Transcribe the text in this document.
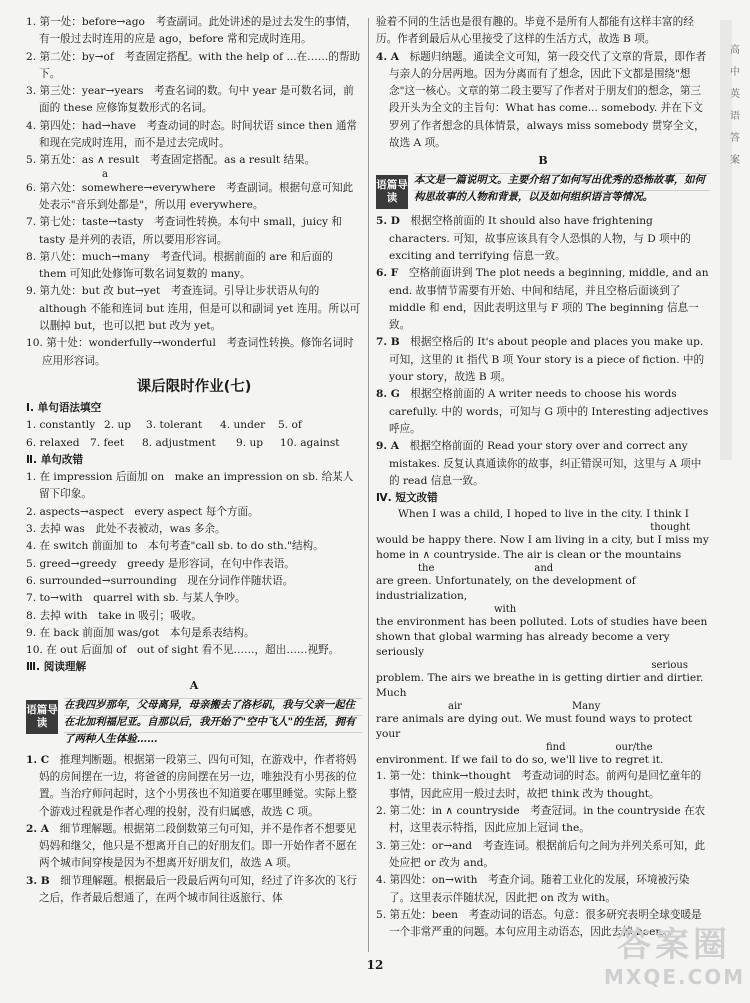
1. 第一处：before→ago　考查副词。此处讲述的是过去发生的事情，有一般过去时连用的应是 ago，before 常和完成时连用。

2. 第二处：by→of　考查固定搭配。with the help of ...在……的帮助下。

3. 第三处：year→years　考查名词的数。句中 year 是可数名词，前面的 these 应修饰复数形式的名词。

4. 第四处：had→have　考查动词的时态。时间状语 since then 通常和现在完成时连用，而不是过去完成时。

5. 第五处：as ∧ result　考查固定搭配。as a result 结果。

a

6. 第六处：somewhere→everywhere　考查副词。根据句意可知此处表示"音乐到处都是"，所以用 everywhere。

7. 第七处：taste→tasty　考查词性转换。本句中 small，juicy 和 tasty 是并列的表语，所以要用形容词。

8. 第八处：much→many　考查代词。根据前面的 are 和后面的 them 可知此处修饰可数名词复数的 many。

9. 第九处：but 改 but→yet　考查连词。引导让步状语从句的 although 不能和连词 but 连用，但是可以和副词 yet 连用。所以可以删掉 but，也可以把 but 改为 yet。

10. 第十处：wonderfully→wonderful　考查词性转换。修饰名词时应用形容词。

课后限时作业(七)

Ⅰ. 单句语法填空

1. constantly 2. up	3. tolerant	4. under	5. of
6. relaxed 7. feet	8. adjustment	9. up	10. against

Ⅱ. 单句改错

1. 在 impression 后面加 on　make an impression on sb. 给某人留下印象。

2. aspects→aspect　every aspect 每个方面。

3. 去掉 was　此处不表被动，was 多余。

4. 在 switch 前面加 to　本句考查"call sb. to do sth."结构。

5. greed→greedy　greedy 是形容词，在句中作表语。

6. surrounded→surrounding　现在分词作伴随状语。

7. to→with　quarrel with sb. 与某人争吵。

8. 去掉 with　take in 吸引；吸收。

9. 在 back 前面加 was/got　本句是系表结构。

10. 在 out 后面加 of　out of sight 看不见……，超出……视野。

Ⅲ. 阅读理解

A

语篇导读
在我四岁那年，父母离异，母亲搬去了洛杉矶，我与父亲一起住在北加利福尼亚。自那以后，我开始了"空中飞人"的生活，拥有了两种人生体验……

1. C　 推理判断题。根据第一段第三、四句可知，在游戏中，作者将妈妈的房间摆在一边，将爸爸的房间摆在另一边，唯独没有小男孩的位置。当治疗师问起时，这个小男孩也不知道要在哪里睡觉。实际上整个游戏过程就是作者心理的投射，没有归属感，故选 C 项。

2. A　 细节理解题。根据第二段倒数第三句可知，并不是作者不想要见妈妈和继父，他只是不想离开自己的好朋友们。即一开始作者不愿在两个城市间穿梭是因为不想离开好朋友们，故选 A 项。

3. B　 细节理解题。根据最后一段最后两句可知，经过了许多次的飞行之后，作者最后想通了，在两个城市间往返旅行、体

验着不同的生活也是很有趣的。毕竟不是所有人都能有这样丰富的经历。作者到最后从心里接受了这样的生活方式，故选 B 项。

4. A　 标题归纳题。通读全文可知，第一段交代了文章的背景，即作者与亲人的分居两地。因为分离而有了想念，因此下文都是围绕"想念"这一核心。文章的第二段主要写了作者对于朋友们的想念，第三段开头为全文的主旨句：What has come... somebody. 并在下文罗列了作者想念的具体情景，always miss somebody 贯穿全文，故选 A 项。

B

语篇导读
本文是一篇说明文。主要介绍了如何写出优秀的恐怖故事，如何构思故事的人物和背景，以及如何组织语言等情况。

5. D　 根据空格前面的 It should also have frightening characters. 可知，故事应该具有令人恐惧的人物，与 D 项中的 exciting and terrifying 信息一致。

6. F　 空格前面讲到 The plot needs a beginning, middle, and an end. 故事情节需要有开始、中间和结尾，并且空格后面谈到了 middle 和 end，因此表明这里与 F 项的 The beginning 信息一致。

7. B　 根据空格后的 It's about people and places you make up. 可知，这里的 it 指代 B 项 Your story is a piece of fiction. 中的 your story，故选 B 项。

8. G　 根据空格前面的 A writer needs to choose his words carefully. 中的 words，可知与 G 项中的 Interesting adjectives 呼应。

9. A　 根据空格前面的 Read your story over and correct any mistakes. 反复认真通读你的故事，纠正错误可知，这里与 A 项中的 read 信息一致。

Ⅳ. 短文改错

When I was a child, I hoped to live in the city. I think I

thought

would be happy there. Now I am living in a city, but I miss my

home in ∧ countryside. The air is clean or the mountains

the　　　　　　　　　　and

are green. Unfortunately, on the development of industrialization,

with

the environment has been polluted. Lots of studies have been

shown that global warming has already become a very seriously

serious

problem. The airs we breathe in is getting dirtier and dirtier. Much

air　　　　　　　　　　　Many

rare animals are dying out. We must found ways to protect your

find　　　　　our/the

environment. If we fail to do so, we'll live to regret it.

1. 第一处：think→thought　考查动词的时态。前两句是回忆童年的事情，因此应用一般过去时，故把 think 改为 thought。

2. 第二处：in ∧ countryside　考查冠词。in the countryside 在农村，这里表示特指，因此应加上冠词 the。

3. 第三处：or→and　考查连词。根据前后句之间为并列关系可知，此处应把 or 改为 and。

4. 第四处：on→with　考查介词。随着工业化的发展，环境被污染了。这里表示伴随状况，因此把 on 改为 with。

5. 第五处：been　考查动词的语态。句意：很多研究表明全球变暖是一个非常严重的问题。本句应用主动语态，因此去掉 been。

高
中
英
语
答
案
12	答案圈
MXQE.COM
